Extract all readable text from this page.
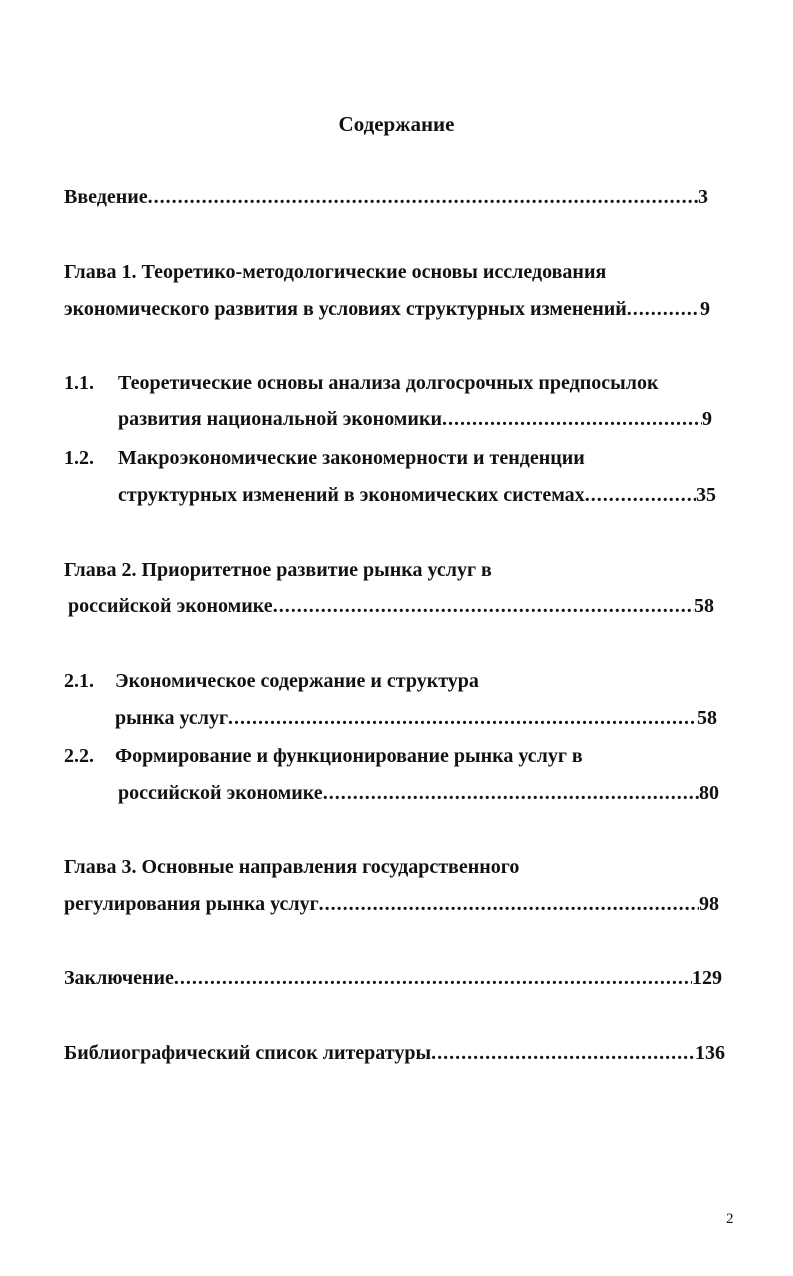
Содержание
Введение .....	3
Глава 1. Теоретико-методологические основы исследования
экономического развития в условиях структурных изменений .....	9
1.1. Теоретические основы анализа долгосрочных предпосылок
развития национальной экономики .....	9
1.2. Макроэкономические закономерности и тенденции
структурных изменений в экономических системах .....	35
Глава 2. Приоритетное развитие рынка услуг в
российской экономике .....	58
2.1. Экономическое содержание и структура
рынка услуг .....	58
2.2. Формирование и функционирование рынка услуг в
российской экономике .....	80
Глава 3. Основные направления государственного
регулирования рынка услуг .....	98
Заключение .....	129
Библиографический список литературы .....	136
2
